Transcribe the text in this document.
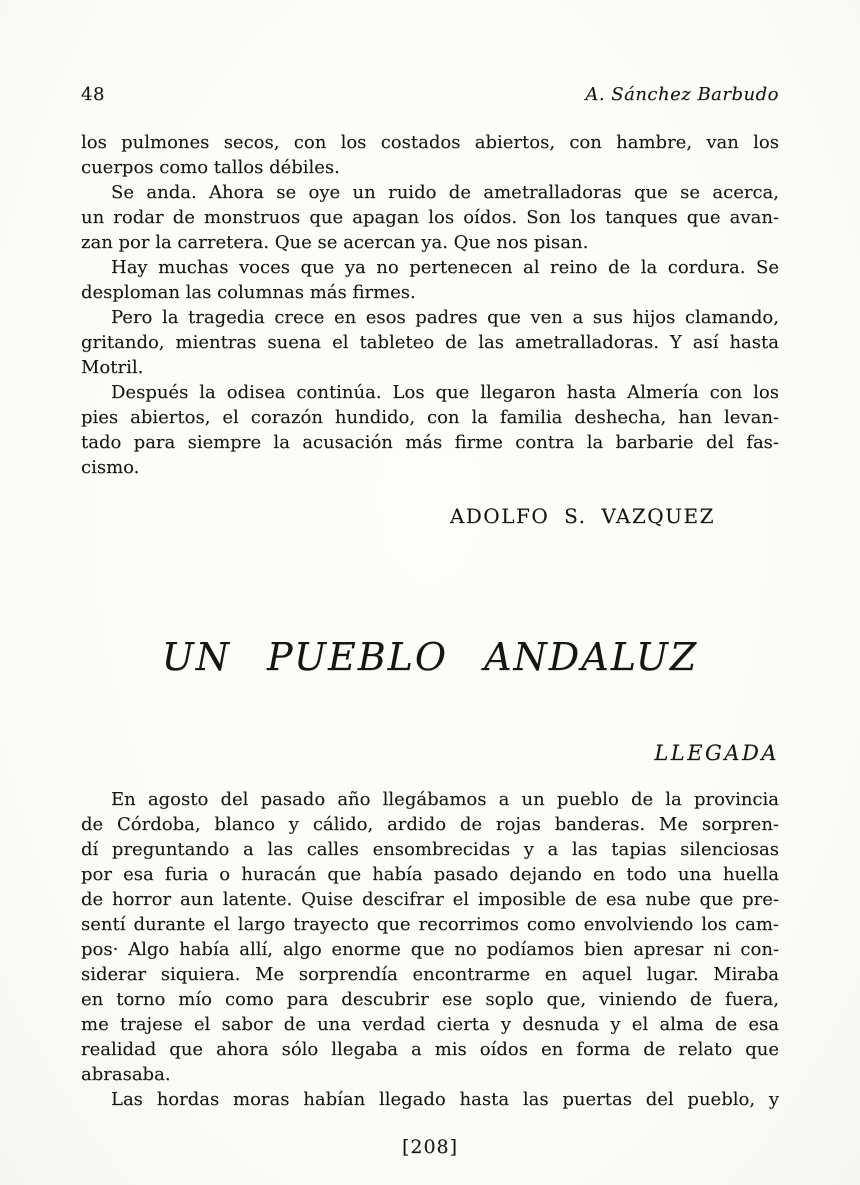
48	A. Sánchez Barbudo
los pulmones secos, con los costados abiertos, con hambre, van los
cuerpos como tallos débiles.
Se anda. Ahora se oye un ruido de ametralladoras que se acerca,
un rodar de monstruos que apagan los oídos. Son los tanques que avan-
zan por la carretera. Que se acercan ya. Que nos pisan.
Hay muchas voces que ya no pertenecen al reino de la cordura. Se
desploman las columnas más firmes.
Pero la tragedia crece en esos padres que ven a sus hijos clamando,
gritando, mientras suena el tableteo de las ametralladoras. Y así hasta
Motril.
Después la odisea continúa. Los que llegaron hasta Almería con los
pies abiertos, el corazón hundido, con la familia deshecha, han levan-
tado para siempre la acusación más firme contra la barbarie del fas-
cismo.
ADOLFO S. VAZQUEZ
UN PUEBLO ANDALUZ
LLEGADA
En agosto del pasado año llegábamos a un pueblo de la provincia
de Córdoba, blanco y cálido, ardido de rojas banderas. Me sorpren-
dí preguntando a las calles ensombrecidas y a las tapias silenciosas
por esa furia o huracán que había pasado dejando en todo una huella
de horror aun latente. Quise descifrar el imposible de esa nube que pre-
sentí durante el largo trayecto que recorrimos como envolviendo los cam-
pos· Algo había allí, algo enorme que no podíamos bien apresar ni con-
siderar siquiera. Me sorprendía encontrarme en aquel lugar. Miraba
en torno mío como para descubrir ese soplo que, viniendo de fuera,
me trajese el sabor de una verdad cierta y desnuda y el alma de esa
realidad que ahora sólo llegaba a mis oídos en forma de relato que
abrasaba.
Las hordas moras habían llegado hasta las puertas del pueblo, y
[208]
